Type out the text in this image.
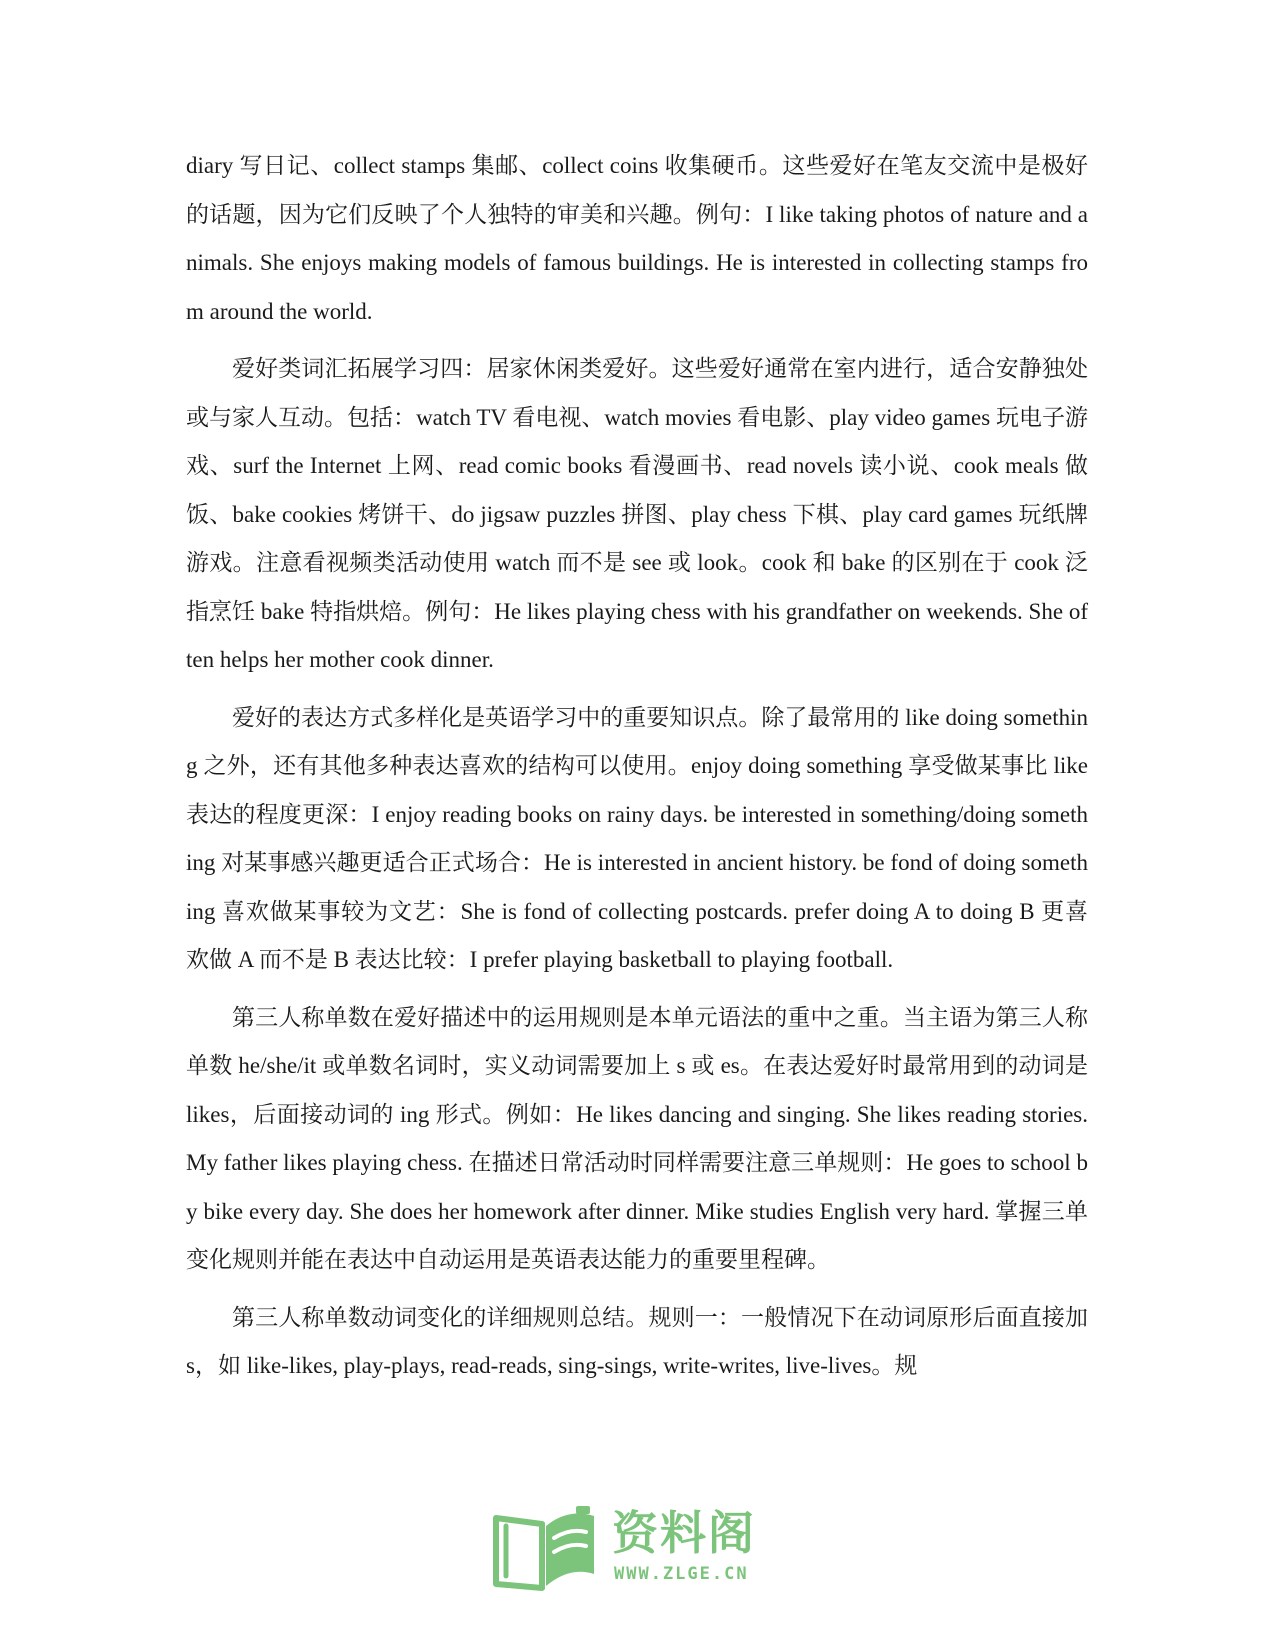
diary 写日记、collect stamps 集邮、collect coins 收集硬币。这些爱好在笔友交流中是极好的话题，因为它们反映了个人独特的审美和兴趣。例句：I like taking photos of nature and animals. She enjoys making models of famous buildings. He is interested in collecting stamps from around the world.

爱好类词汇拓展学习四：居家休闲类爱好。这些爱好通常在室内进行，适合安静独处或与家人互动。包括：watch TV 看电视、watch movies 看电影、play video games 玩电子游戏、surf the Internet 上网、read comic books 看漫画书、read novels 读小说、cook meals 做饭、bake cookies 烤饼干、do jigsaw puzzles 拼图、play chess 下棋、play card games 玩纸牌游戏。注意看视频类活动使用 watch 而不是 see 或 look。cook 和 bake 的区别在于 cook 泛指烹饪 bake 特指烘焙。例句：He likes playing chess with his grandfather on weekends. She often helps her mother cook dinner.

爱好的表达方式多样化是英语学习中的重要知识点。除了最常用的 like doing something 之外，还有其他多种表达喜欢的结构可以使用。enjoy doing something 享受做某事比 like 表达的程度更深：I enjoy reading books on rainy days. be interested in something/doing something 对某事感兴趣更适合正式场合：He is interested in ancient history. be fond of doing something 喜欢做某事较为文艺：She is fond of collecting postcards. prefer doing A to doing B 更喜欢做 A 而不是 B 表达比较：I prefer playing basketball to playing football.

第三人称单数在爱好描述中的运用规则是本单元语法的重中之重。当主语为第三人称单数 he/she/it 或单数名词时，实义动词需要加上 s 或 es。在表达爱好时最常用到的动词是 likes，后面接动词的 ing 形式。例如：He likes dancing and singing. She likes reading stories. My father likes playing chess. 在描述日常活动时同样需要注意三单规则：He goes to school by bike every day. She does her homework after dinner. Mike studies English very hard. 掌握三单变化规则并能在表达中自动运用是英语表达能力的重要里程碑。

第三人称单数动词变化的详细规则总结。规则一：一般情况下在动词原形后面直接加 s，如 like-likes, play-plays, read-reads, sing-sings, write-writes, live-lives。规

资料阁
WWW.ZLGE.CN
